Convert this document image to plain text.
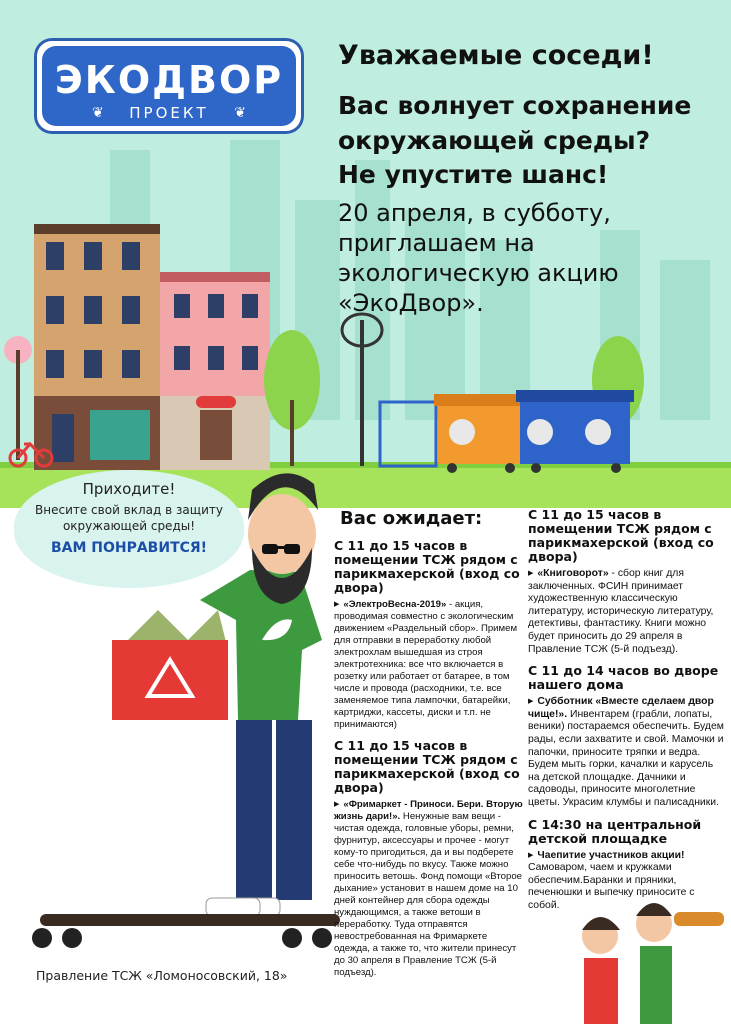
ЭКОДВОР
❦	ПРОЕКТ	❦
Уважаемые соседи!
Вас волнует сохранение окружающей среды?
Не упустите шанс!
20 апреля, в субботу, приглашаем на экологическую акцию «ЭкоДвор».
Приходите!
Внесите свой вклад в защиту окружающей среды!
ВАМ ПОНРАВИТСЯ!
Вас ожидает:
С 11 до 15 часов в помещении ТСЖ рядом с парикмахерской (вход со двора)
▶ «ЭлектроВесна-2019» - акция, проводимая совместно с экологическим движением «Раздельный сбор». Примем для отправки в переработку любой электрохлам вышедшая из строя электротехника: все что включается в розетку или работает от батарее, в том числе и провода (расходники, т.е. все заменяемое типа лампочки, батарейки, картриджи, кассеты, диски и т.п. не принимаются)
С 11 до 15 часов в помещении ТСЖ рядом с парикмахерской (вход со двора)
▶ «Фримаркет - Приноси. Бери. Вторую жизнь дари!». Ненужные вам вещи - чистая одежда, головные уборы, ремни, фурнитур, аксессуары и прочее - могут кому-то пригодиться, да и вы подберете себе что-нибудь по вкусу. Также можно приносить ветошь. Фонд помощи «Второе дыхание» установит в нашем доме на 10 дней контейнер для сбора одежды нуждающимся, а также ветоши в переработку. Туда отправятся невостребованная на Фримаркете одежда, а также то, что жители принесут до 30 апреля в Правление ТСЖ (5-й подъезд).
С 11 до 15 часов в помещении ТСЖ рядом с парикмахерской (вход со двора)
▶ «Книговорот» - сбор книг для заключенных. ФСИН принимает художественную классическую литературу, историческую литературу, детективы, фантастику. Книги можно будет приносить до 29 апреля в Правление ТСЖ (5-й подъезд).
С 11 до 14 часов во дворе нашего дома
▶ Субботник «Вместе сделаем двор чище!». Инвентарем (грабли, лопаты, веники) постараемся обеспечить. Будем рады, если захватите и свой. Мамочки и папочки, приносите тряпки и ведра. Будем мыть горки, качалки и карусель на детской площадке. Дачники и садоводы, приносите многолетние цветы. Украсим клумбы и палисадники.
С 14:30 на центральной детской площадке
▶ Чаепитие участников акции! Самоваром, чаем и кружками обеспечим.Баранки и пряники, печенюшки и выпечку приносите с собой.
Правление ТСЖ «Ломоносовский, 18»
